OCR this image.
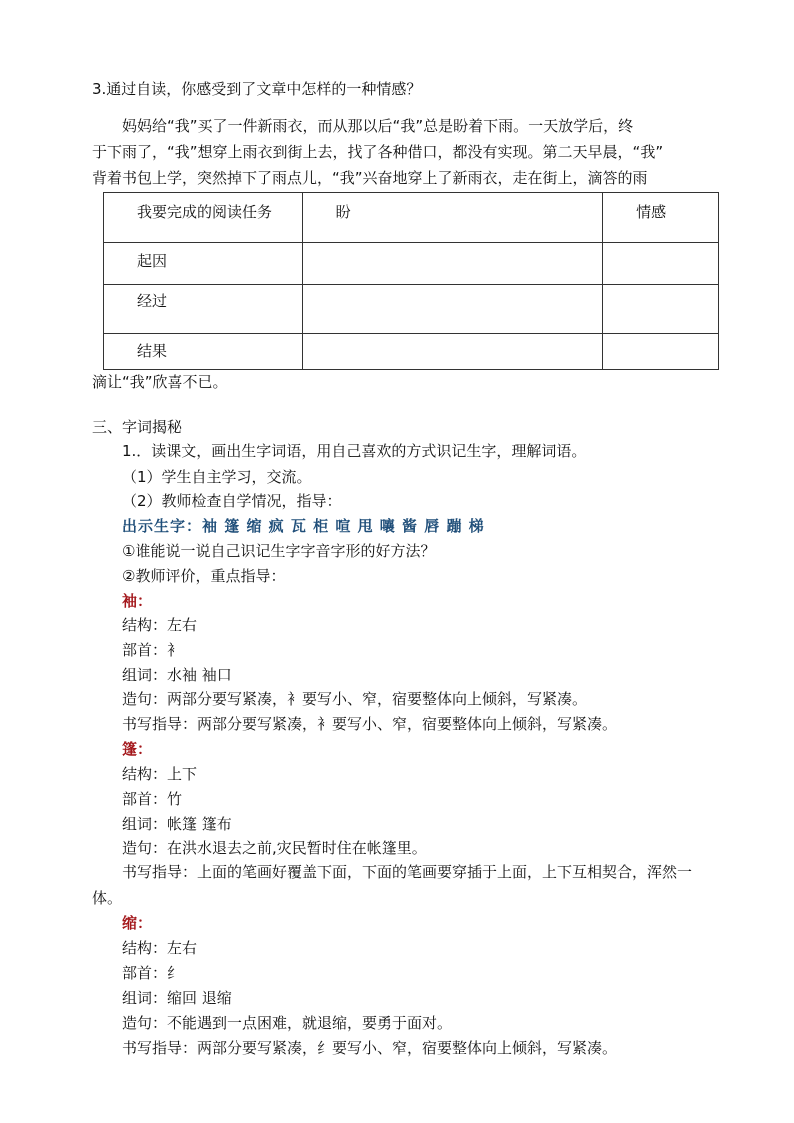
3.通过自读，你感受到了文章中怎样的一种情感？
妈妈给“我”买了一件新雨衣，而从那以后“我”总是盼着下雨。一天放学后，终
于下雨了，“我”想穿上雨衣到街上去，找了各种借口，都没有实现。第二天早晨，“我”
背着书包上学，突然掉下了雨点儿，“我”兴奋地穿上了新雨衣，走在街上，滴答的雨
我要完成的阅读任务	盼	情感
起因		
经过		
结果		
滴让“我”欣喜不已。
三、字词揭秘
1.．读课文，画出生字词语，用自己喜欢的方式识记生字，理解词语。
（1）学生自主学习，交流。
（2）教师检查自学情况，指导：
出示生字：袖 篷 缩 疯 瓦 柜 喧 甩 嚷 酱 唇 蹦 梯
①谁能说一说自己识记生字字音字形的好方法？
②教师评价，重点指导：
袖：
结构：左右
部首：衤
组词：水袖 袖口
造句：两部分要写紧凑，衤要写小、窄，宿要整体向上倾斜，写紧凑。
书写指导：两部分要写紧凑，衤要写小、窄，宿要整体向上倾斜，写紧凑。
篷：
结构：上下
部首：竹
组词：帐篷 篷布
造句：在洪水退去之前,灾民暂时住在帐篷里。
书写指导：上面的笔画好覆盖下面，下面的笔画要穿插于上面，上下互相契合，浑然一体。
缩：
结构：左右
部首：纟
组词：缩回 退缩
造句：不能遇到一点困难，就退缩，要勇于面对。
书写指导：两部分要写紧凑，纟要写小、窄，宿要整体向上倾斜，写紧凑。
